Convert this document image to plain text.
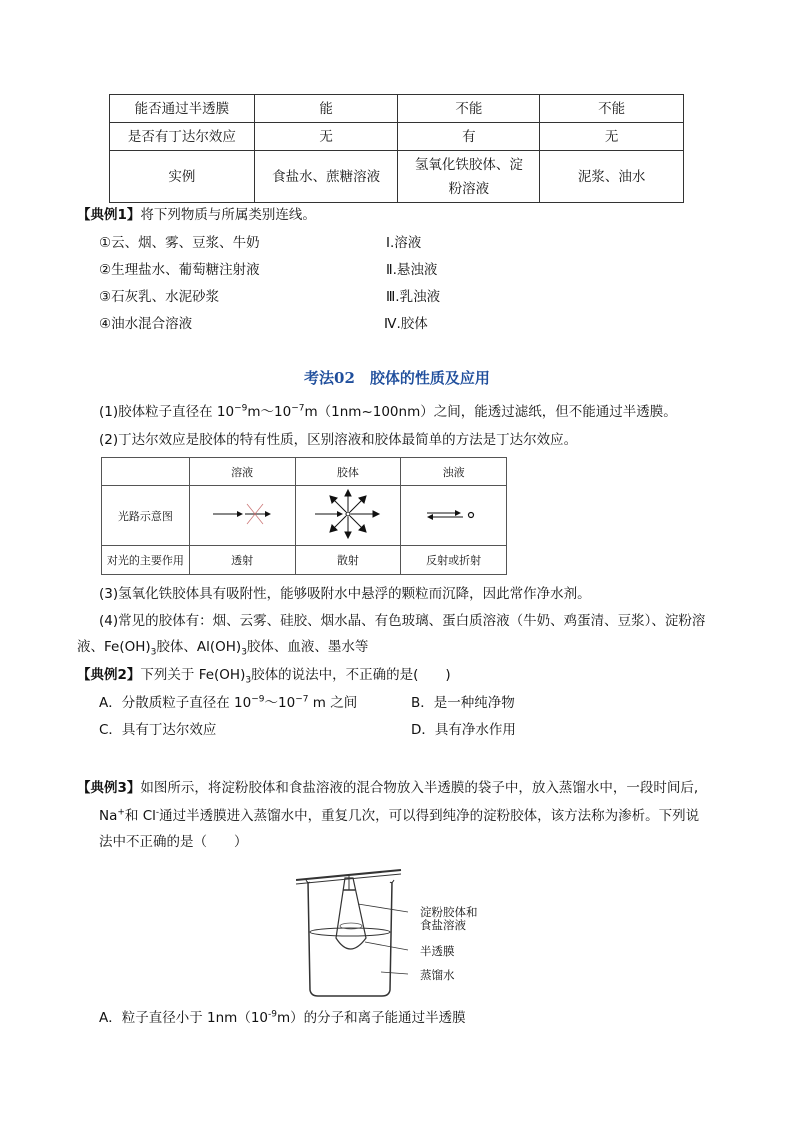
能否通过半透膜	能	不能	不能
是否有丁达尔效应	无	有	无
实例	食盐水、蔗糖溶液	氢氧化铁胶体、淀粉溶液	泥浆、油水
【典例1】将下列物质与所属类别连线。
①云、烟、雾、豆浆、牛奶
②生理盐水、葡萄糖注射液
③石灰乳、水泥砂浆
④油水混合溶液
Ⅰ.溶液
Ⅱ.悬浊液
Ⅲ.乳浊液
Ⅳ.胶体
考法02　胶体的性质及应用
(1)胶体粒子直径在 $10^{-9}m\sim 10^{-7}m(1nm\sim 100nm)$之间，能透过滤纸，但不能通过半透膜。
(2)丁达尔效应是胶体的特有性质，区别溶液和胶体最简单的方法是丁达尔效应。
	溶液	胶体	浊液
光路示意图			
对光的主要作用	透射	散射	反射或折射
(3)氢氧化铁胶体具有吸附性，能够吸附水中悬浮的颗粒而沉降，因此常作净水剂。
(4)常见的胶体有：烟、云雾、硅胶、烟水晶、有色玻璃、蛋白质溶液（牛奶、鸡蛋清、豆浆）、淀粉溶
液、$Fe(OH)_3$胶体、$Al(OH)_3$胶体、血液、墨水等
【典例2】下列关于 $Fe(OH)_3$胶体的说法中，不正确的是(　　)
A．分散质粒子直径在 $10^{-9}\sim 10^{-7}$ m 之间	B．是一种纯净物
C．具有丁达尔效应	D．具有净水作用
【典例3】如图所示，将淀粉胶体和食盐溶液的混合物放入半透膜的袋子中，放入蒸馏水中，一段时间后,
Na+和 Cl-通过半透膜进入蒸馏水中，重复几次，可以得到纯净的淀粉胶体，该方法称为渗析。下列说
法中不正确的是（　　）
淀粉胶体和
食盐溶液
半透膜
蒸馏水
A．粒子直径小于 $1nm(10^{-9}m)$的分子和离子能通过半透膜
